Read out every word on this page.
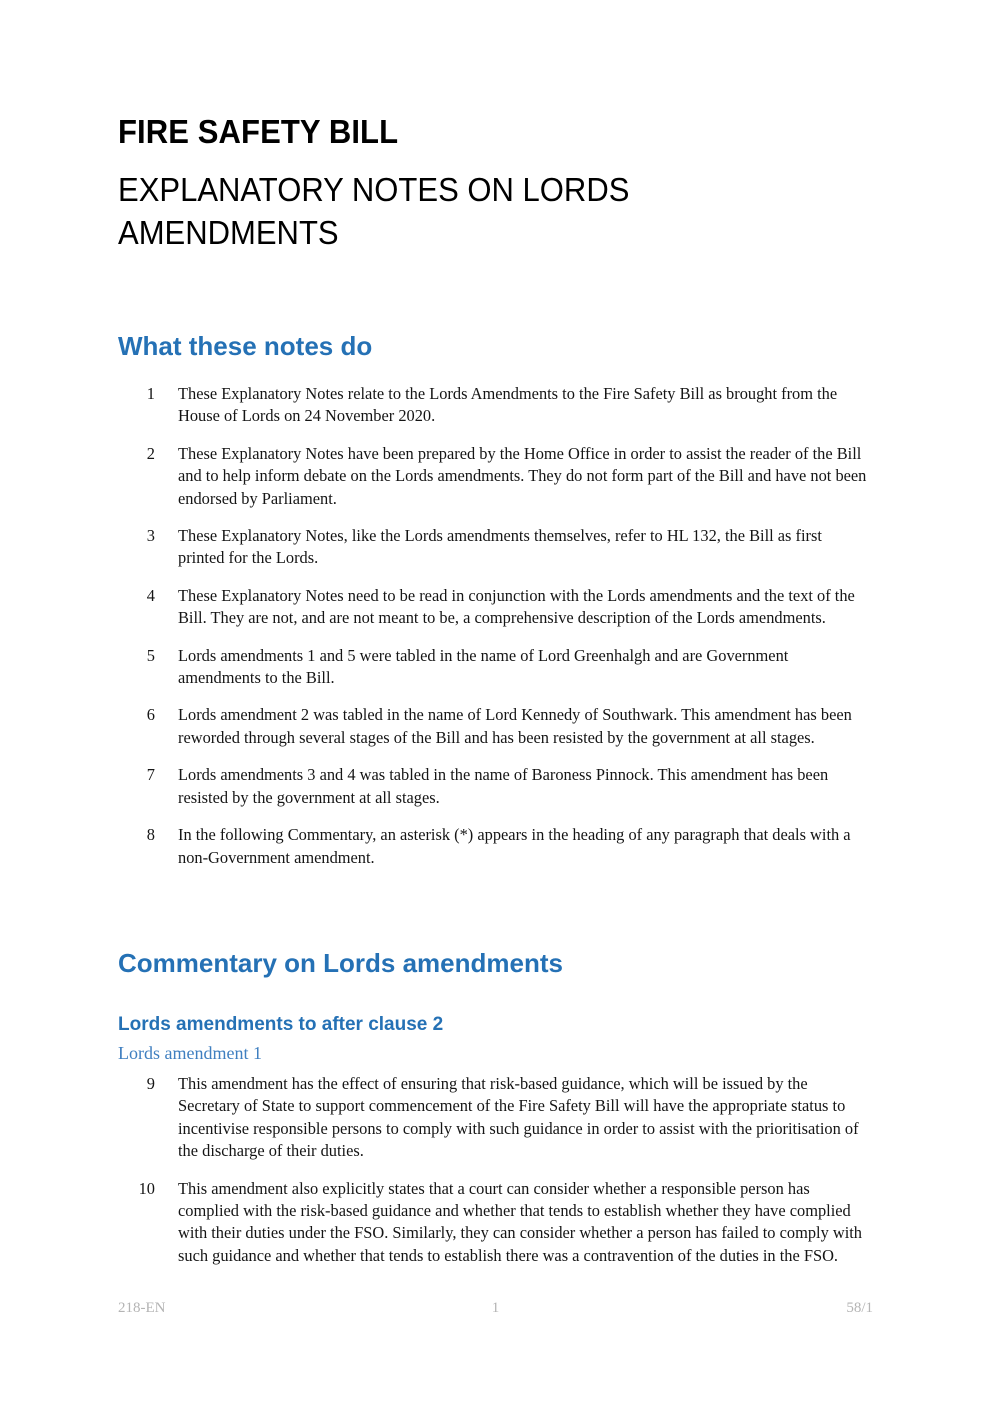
FIRE SAFETY BILL
EXPLANATORY NOTES ON LORDS AMENDMENTS
What these notes do
1 These Explanatory Notes relate to the Lords Amendments to the Fire Safety Bill as brought from the House of Lords on 24 November 2020.
2 These Explanatory Notes have been prepared by the Home Office in order to assist the reader of the Bill and to help inform debate on the Lords amendments. They do not form part of the Bill and have not been endorsed by Parliament.
3 These Explanatory Notes, like the Lords amendments themselves, refer to HL 132, the Bill as first printed for the Lords.
4 These Explanatory Notes need to be read in conjunction with the Lords amendments and the text of the Bill. They are not, and are not meant to be, a comprehensive description of the Lords amendments.
5 Lords amendments 1 and 5 were tabled in the name of Lord Greenhalgh and are Government amendments to the Bill.
6 Lords amendment 2 was tabled in the name of Lord Kennedy of Southwark. This amendment has been reworded through several stages of the Bill and has been resisted by the government at all stages.
7 Lords amendments 3 and 4 was tabled in the name of Baroness Pinnock. This amendment has been resisted by the government at all stages.
8 In the following Commentary, an asterisk (*) appears in the heading of any paragraph that deals with a non-Government amendment.
Commentary on Lords amendments
Lords amendments to after clause 2
Lords amendment 1
9 This amendment has the effect of ensuring that risk-based guidance, which will be issued by the Secretary of State to support commencement of the Fire Safety Bill will have the appropriate status to incentivise responsible persons to comply with such guidance in order to assist with the prioritisation of the discharge of their duties.
10 This amendment also explicitly states that a court can consider whether a responsible person has complied with the risk-based guidance and whether that tends to establish whether they have complied with their duties under the FSO. Similarly, they can consider whether a person has failed to comply with such guidance and whether that tends to establish there was a contravention of the duties in the FSO.
218-EN	1	58/1
